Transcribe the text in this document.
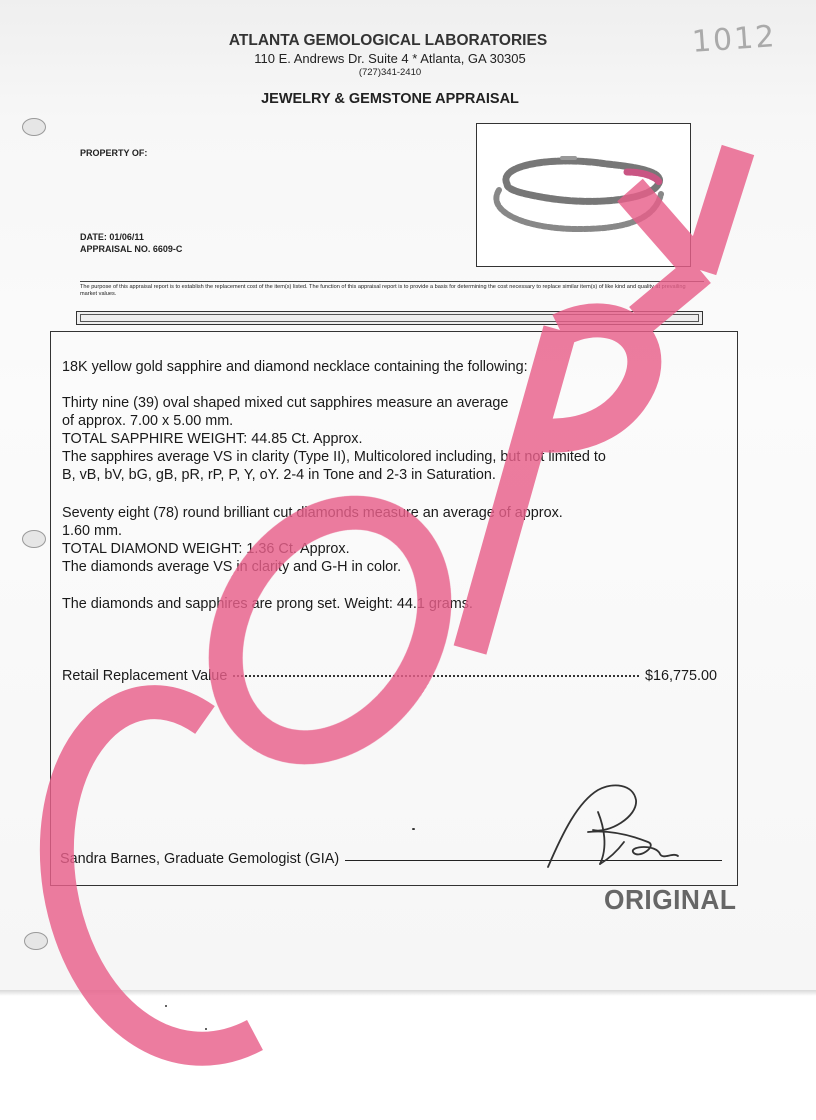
1012
ATLANTA GEMOLOGICAL LABORATORIES
110 E. Andrews Dr. Suite 4 * Atlanta, GA 30305
(727)341-2410
JEWELRY & GEMSTONE APPRAISAL
PROPERTY OF:
DATE: 01/06/11
APPRAISAL NO. 6609-C
The purpose of this appraisal report is to establish the replacement cost of the item(s) listed. The function of this appraisal report is to provide a basis for determining the cost necessary to replace similar item(s) of like kind and quality at prevailing market values.
18K yellow gold sapphire and diamond necklace containing the following:
Thirty nine (39) oval shaped mixed cut sapphires measure an average
of approx. 7.00 x 5.00 mm.
TOTAL SAPPHIRE WEIGHT: 44.85 Ct. Approx.
The sapphires average VS in clarity (Type II), Multicolored including, but not limited to
B, vB, bV, bG, gB, pR, rP, P, Y, oY. 2-4 in Tone and 2-3 in Saturation.
Seventy eight (78) round brilliant cut diamonds measure an average of approx.
1.60 mm.
TOTAL DIAMOND WEIGHT: 1.36 Ct. Approx.
The diamonds average VS in clarity and G-H in color.
The diamonds and sapphires are prong set. Weight: 44.1 grams.
Retail Replacement Value	$16,775.00
Sandra Barnes, Graduate Gemologist (GIA)
ORIGINAL
